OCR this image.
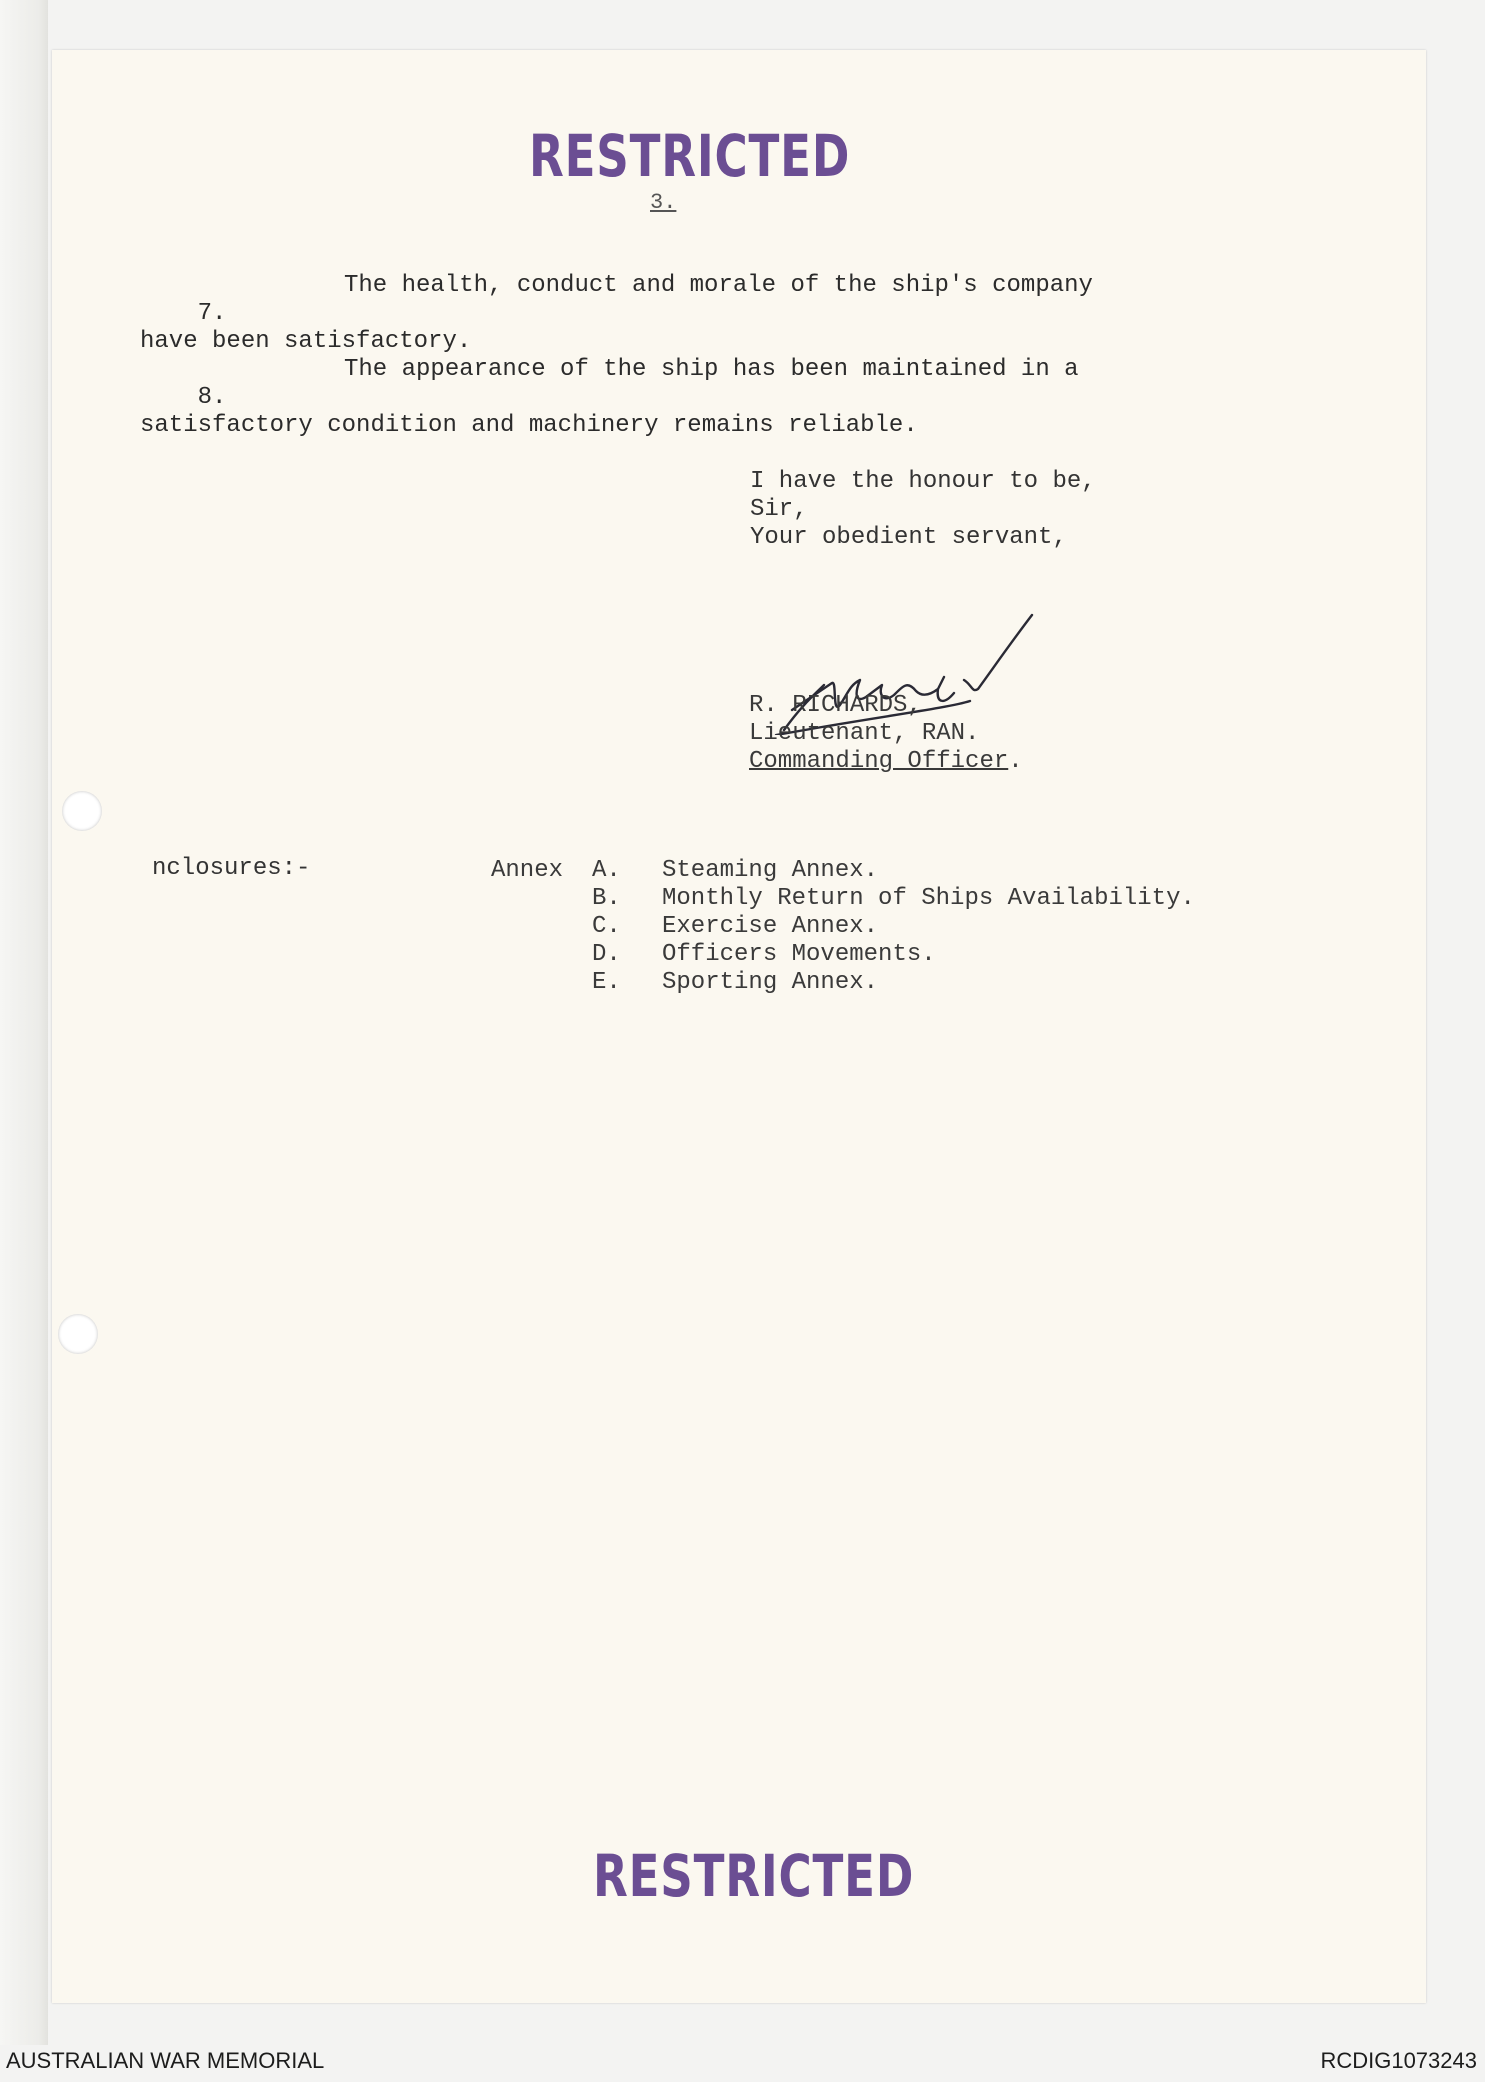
RESTRICTED
3.

7.
The health, conduct and morale of the ship's company

have been satisfactory.

8.
The appearance of the ship has been maintained in a

satisfactory condition and machinery remains reliable.

I have the honour to be,
Sir,
Your obedient servant,
R. RICHARDS,
Lieutenant, RAN.
Commanding Officer.
nclosures:-	Annex A. Steaming Annex.
B. Monthly Return of Ships Availability.
C. Exercise Annex.
D. Officers Movements.
E. Sporting Annex.
RESTRICTED
AUSTRALIAN WAR MEMORIAL	RCDIG1073243
